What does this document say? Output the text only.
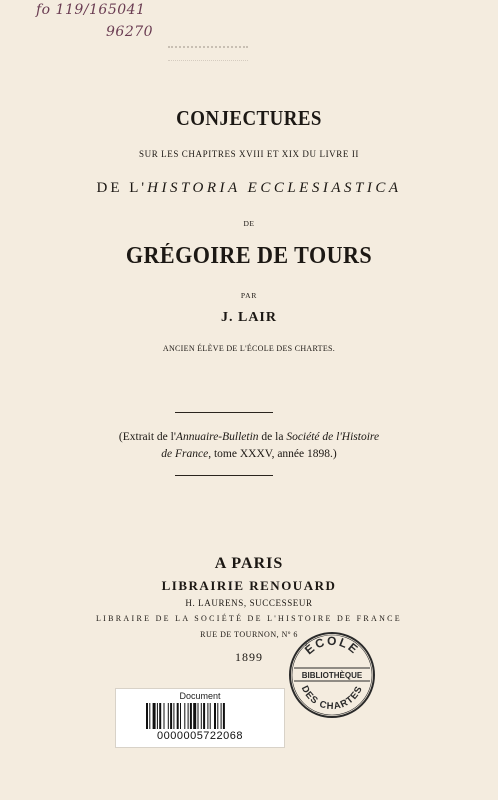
fo 119/165041
96270
CONJECTURES
SUR LES CHAPITRES XVIII ET XIX DU LIVRE II
DE L'HISTORIA ECCLESIASTICA
DE
GRÉGOIRE DE TOURS
PAR
J. LAIR
ANCIEN ÉLÈVE DE L'ÉCOLE DES CHARTES.
(Extrait de l'Annuaire-Bulletin de la Société de l'Histoire
de France, tome XXXV, année 1898.)
A PARIS
LIBRAIRIE RENOUARD
H. LAURENS, SUCCESSEUR
LIBRAIRE DE LA SOCIÉTÉ DE L'HISTOIRE DE FRANCE
RUE DE TOURNON, Nº 6
1899	ÉCOLE
BIBLIOTHÈQUE
DES CHARTES
Document
0000005722068
